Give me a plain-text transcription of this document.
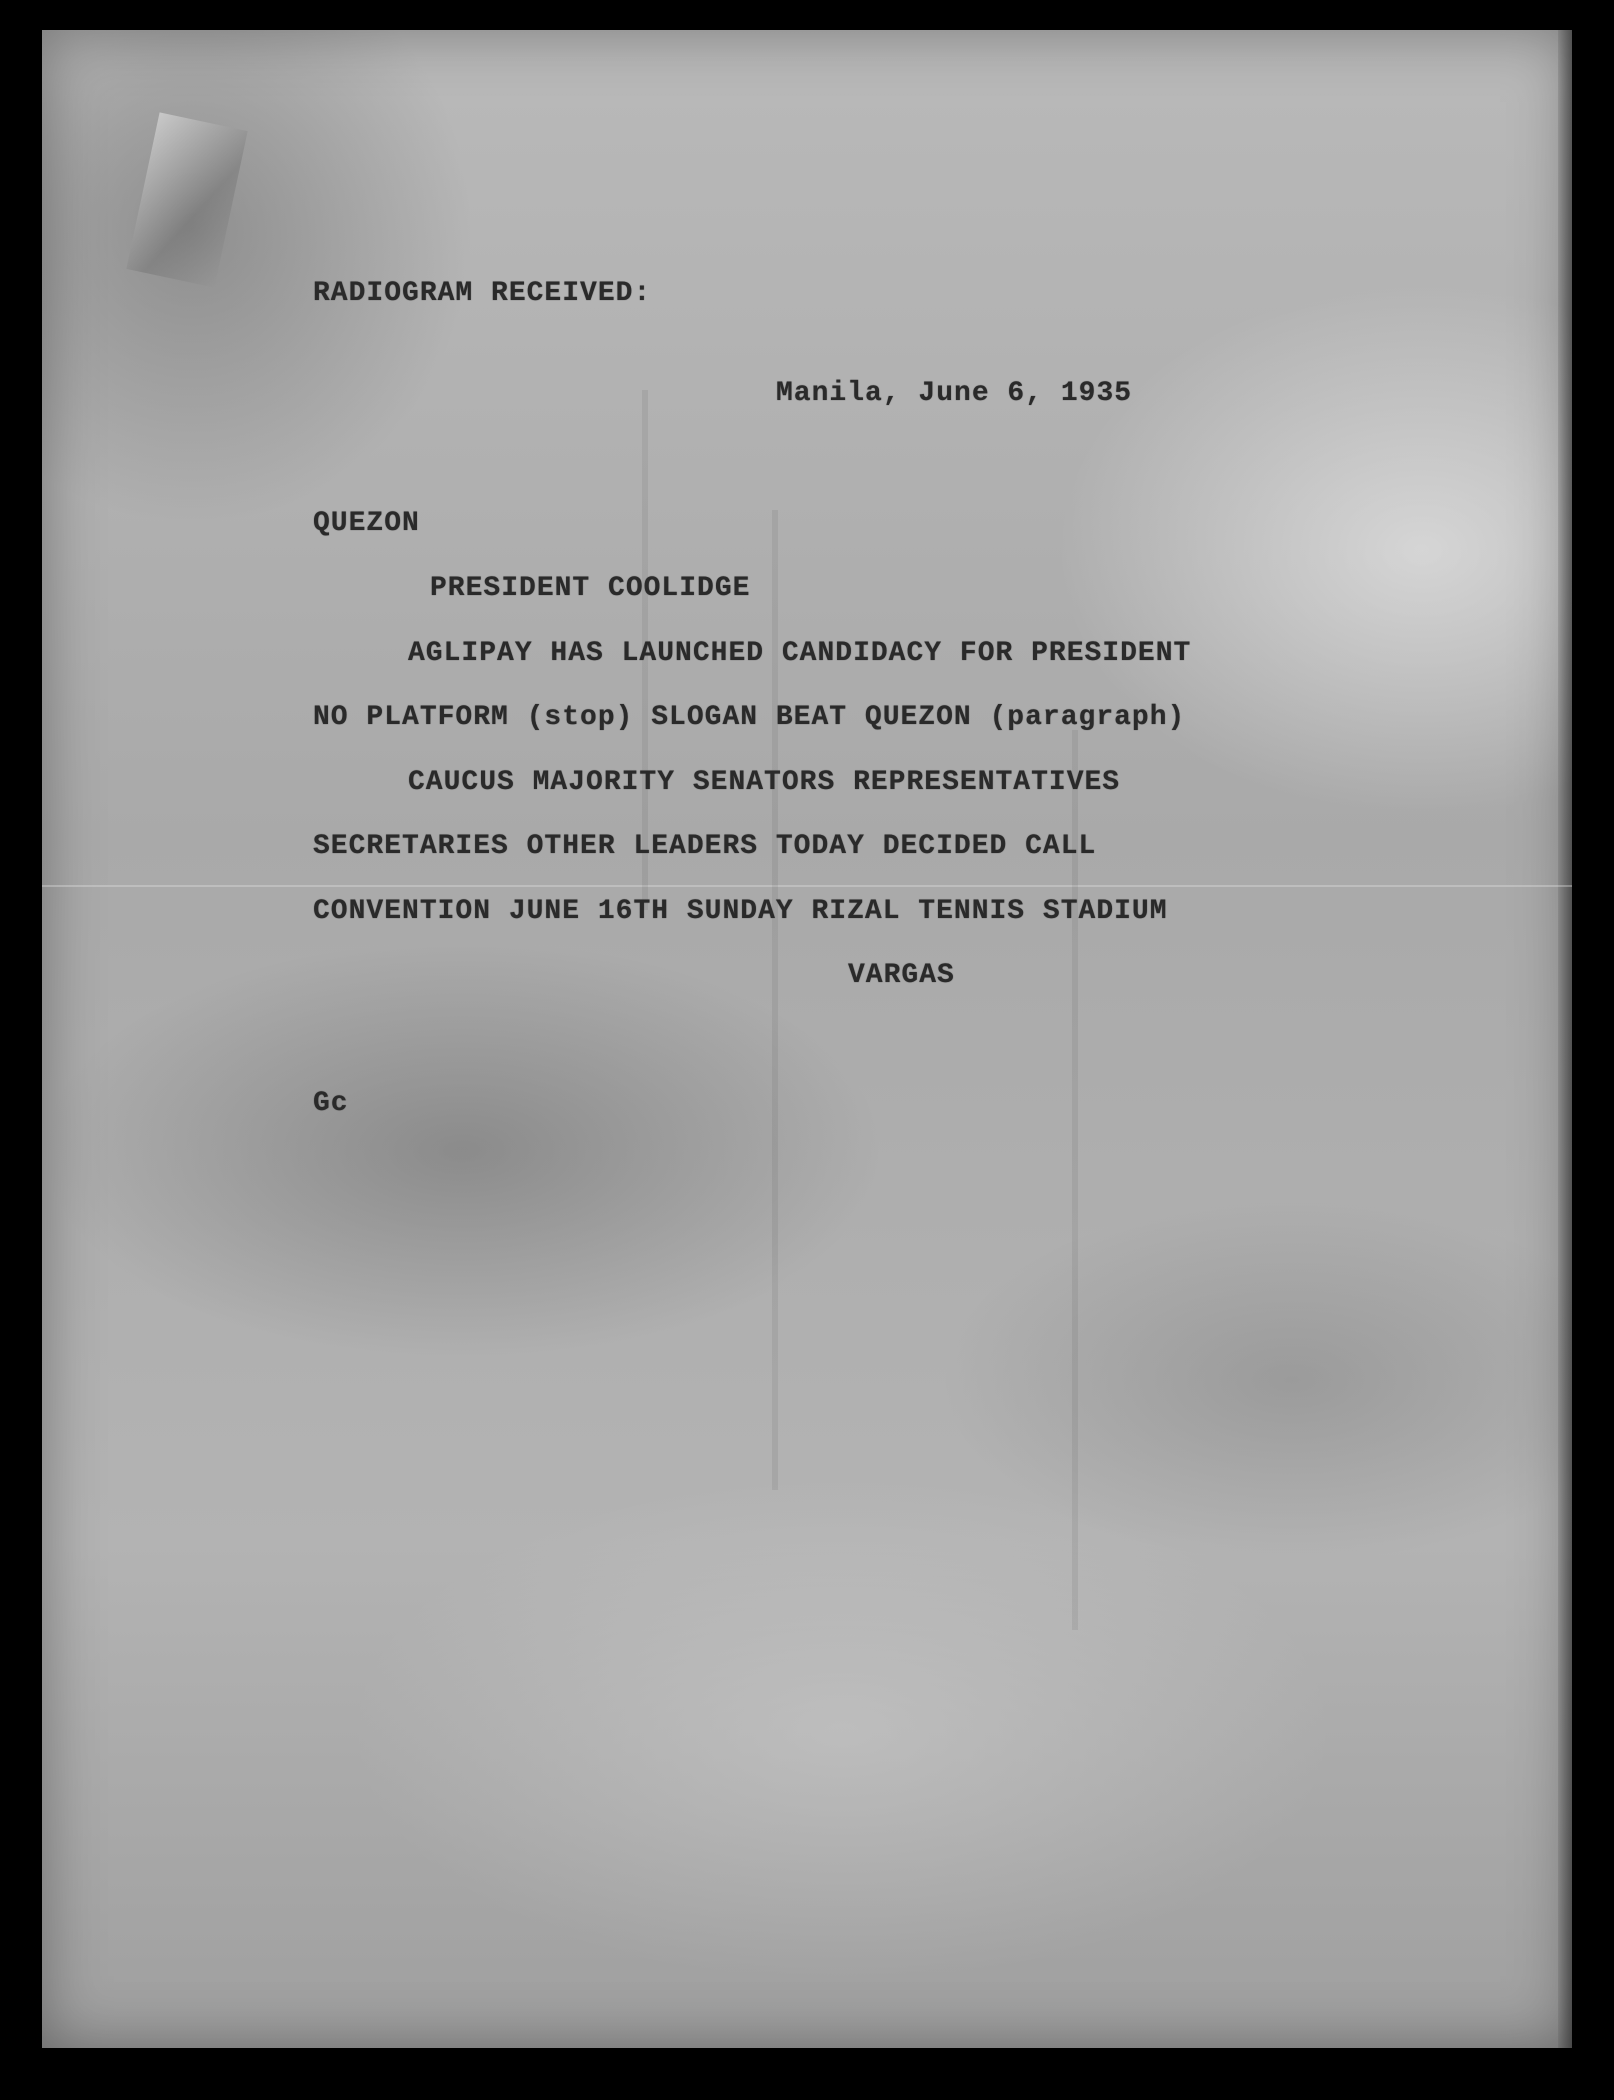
RADIOGRAM RECEIVED:
Manila, June 6, 1935
QUEZON
PRESIDENT COOLIDGE
AGLIPAY HAS LAUNCHED CANDIDACY FOR PRESIDENT
NO PLATFORM (stop) SLOGAN BEAT QUEZON (paragraph)
CAUCUS MAJORITY SENATORS REPRESENTATIVES
SECRETARIES OTHER LEADERS TODAY DECIDED CALL
CONVENTION JUNE 16TH SUNDAY RIZAL TENNIS STADIUM
VARGAS
Gc
